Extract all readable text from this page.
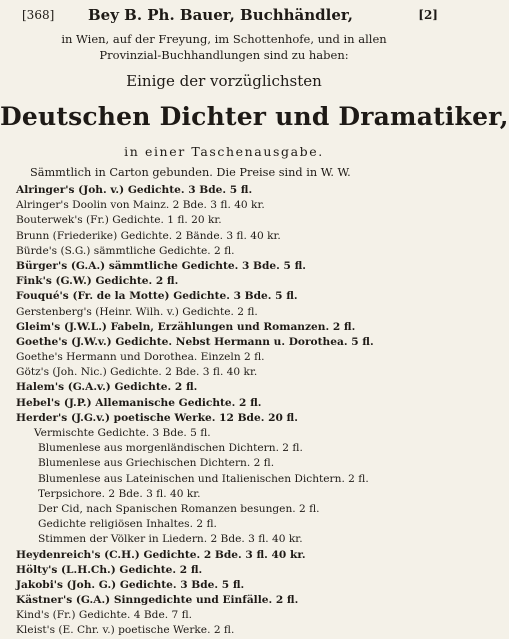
[368] Bey B. Ph. Bauer, Buchhändler,	[2]
in Wien, auf der Freyung, im Schottenhofe, und in allen
Provinzial-Buchhandlungen sind zu haben:
Einige der vorzüglichsten
Deutschen Dichter und Dramatiker,
in einer Taschenausgabe.
Sämmtlich in Carton gebunden. Die Preise sind in W. W.
Alringer's (Joh. v.) Gedichte. 3 Bde. 5 fl.
Alringer's Doolin von Mainz. 2 Bde. 3 fl. 40 kr.
Bouterwek's (Fr.) Gedichte. 1 fl. 20 kr.
Brunn (Friederike) Gedichte. 2 Bände. 3 fl. 40 kr.
Bürde's (S.G.) sämmtliche Gedichte. 2 fl.
Bürger's (G.A.) sämmtliche Gedichte. 3 Bde. 5 fl.
Fink's (G.W.) Gedichte. 2 fl.
Fouqué's (Fr. de la Motte) Gedichte. 3 Bde. 5 fl.
Gerstenberg's (Heinr. Wilh. v.) Gedichte. 2 fl.
Gleim's (J.W.L.) Fabeln, Erzählungen und Romanzen. 2 fl.
Goethe's (J.W.v.) Gedichte. Nebst Hermann u. Dorothea. 5 fl.
Goethe's Hermann und Dorothea. Einzeln 2 fl.
Götz's (Joh. Nic.) Gedichte. 2 Bde. 3 fl. 40 kr.
Halem's (G.A.v.) Gedichte. 2 fl.
Hebel's (J.P.) Allemanische Gedichte. 2 fl.
Herder's (J.G.v.) poetische Werke. 12 Bde. 20 fl.
Vermischte Gedichte. 3 Bde. 5 fl.
Blumenlese aus morgenländischen Dichtern. 2 fl.
Blumenlese aus Griechischen Dichtern. 2 fl.
Blumenlese aus Lateinischen und Italienischen Dichtern. 2 fl.
Terpsichore. 2 Bde. 3 fl. 40 kr.
Der Cid, nach Spanischen Romanzen besungen. 2 fl.
Gedichte religiösen Inhaltes. 2 fl.
Stimmen der Völker in Liedern. 2 Bde. 3 fl. 40 kr.
Heydenreich's (C.H.) Gedichte. 2 Bde. 3 fl. 40 kr.
Hölty's (L.H.Ch.) Gedichte. 2 fl.
Jakobi's (Joh. G.) Gedichte. 3 Bde. 5 fl.
Kästner's (G.A.) Sinngedichte und Einfälle. 2 fl.
Kind's (Fr.) Gedichte. 4 Bde. 7 fl.
Kleist's (E. Chr. v.) poetische Werke. 2 fl.
